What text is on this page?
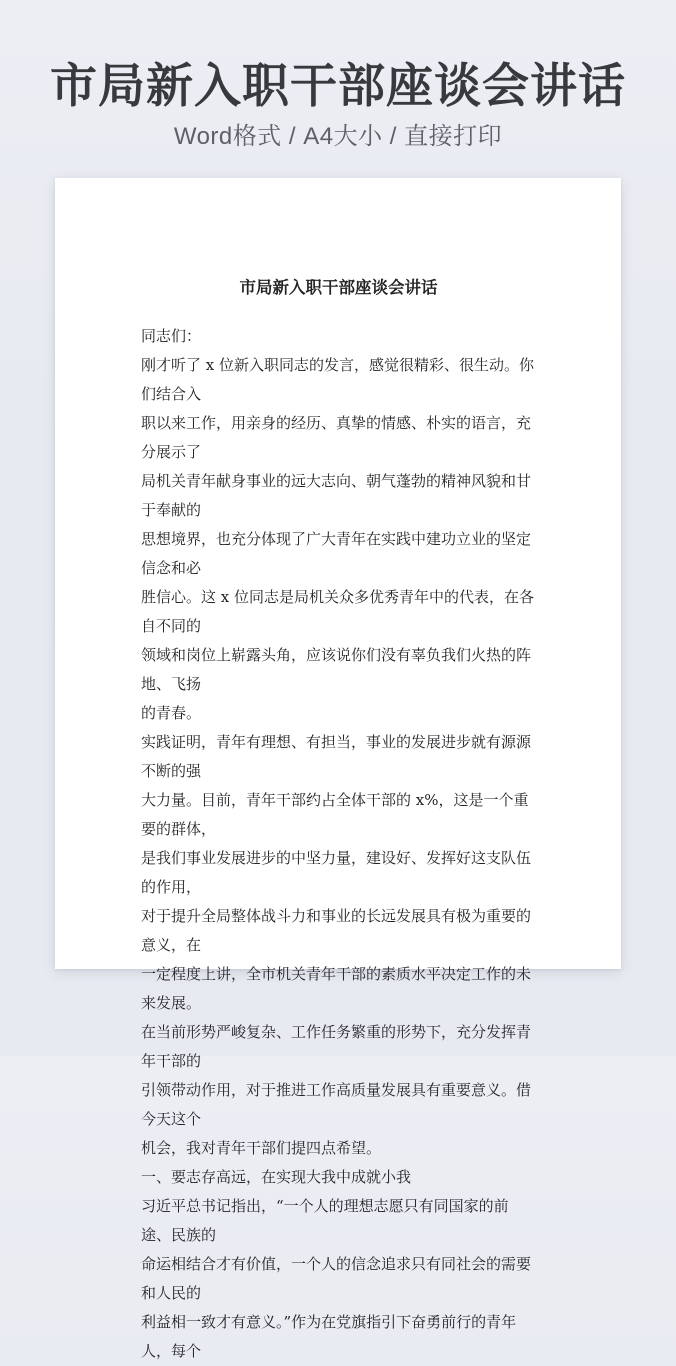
市局新入职干部座谈会讲话
Word格式 / A4大小 / 直接打印
市局新入职干部座谈会讲话
同志们：
刚才听了 x 位新入职同志的发言，感觉很精彩、很生动。你们结合入
职以来工作，用亲身的经历、真挚的情感、朴实的语言，充分展示了
局机关青年献身事业的远大志向、朝气蓬勃的精神风貌和甘于奉献的
思想境界，也充分体现了广大青年在实践中建功立业的坚定信念和必
胜信心。这 x 位同志是局机关众多优秀青年中的代表，在各自不同的
领域和岗位上崭露头角，应该说你们没有辜负我们火热的阵地、飞扬
的青春。
实践证明，青年有理想、有担当，事业的发展进步就有源源不断的强
大力量。目前，青年干部约占全体干部的 x%，这是一个重要的群体，
是我们事业发展进步的中坚力量，建设好、发挥好这支队伍的作用，
对于提升全局整体战斗力和事业的长远发展具有极为重要的意义，在
一定程度上讲，全市机关青年干部的素质水平决定工作的未来发展。
在当前形势严峻复杂、工作任务繁重的形势下，充分发挥青年干部的
引领带动作用，对于推进工作高质量发展具有重要意义。借今天这个
机会，我对青年干部们提四点希望。
一、要志存高远，在实现大我中成就小我
习近平总书记指出，“一个人的理想志愿只有同国家的前途、民族的
命运相结合才有价值，一个人的信念追求只有同社会的需要和人民的
利益相一致才有意义。”作为在党旗指引下奋勇前行的青年人，每个
